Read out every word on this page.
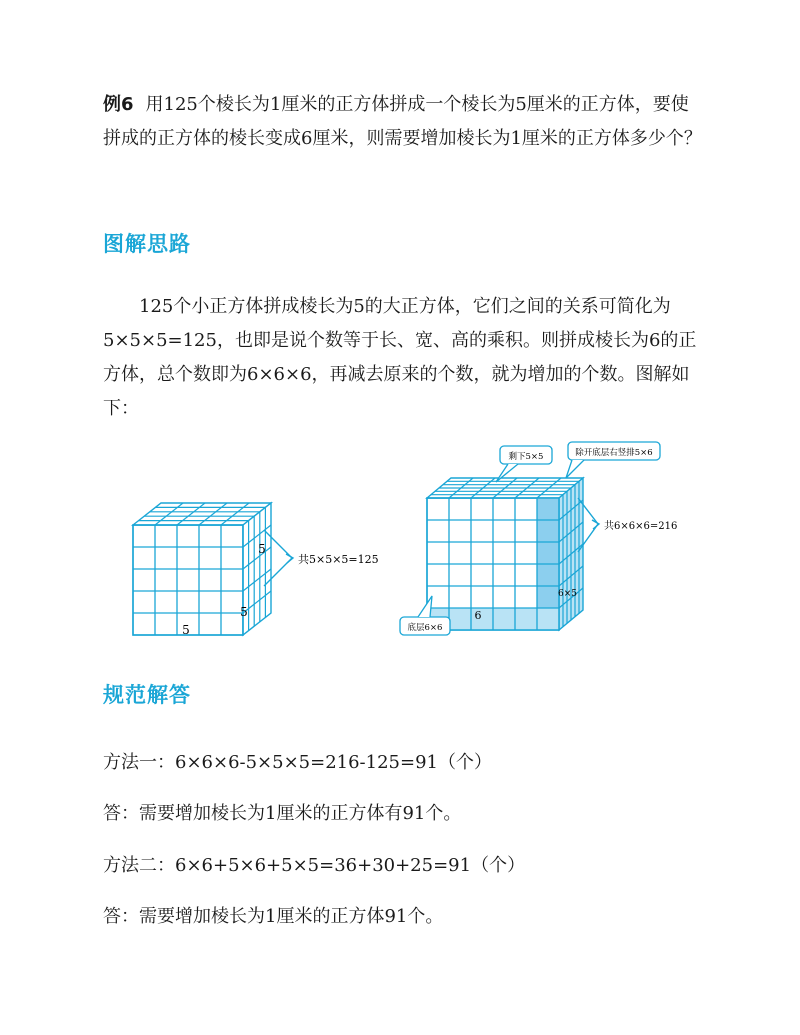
例6 用125个棱长为1厘米的正方体拼成一个棱长为5厘米的正方体，要使拼成的正方体的棱长变成6厘米，则需要增加棱长为1厘米的正方体多少个？

图解思路

125个小正方体拼成棱长为5的大正方体，它们之间的关系可简化为5×5×5=125，也即是说个数等于长、宽、高的乘积。则拼成棱长为6的正方体，总个数即为6×6×6，再减去原来的个数，就为增加的个数。图解如下：

5
5
5
共5×5×5=125
剩下5×5	除开底层右竖排5×6
底层6×6
共6×6×6=216
6×5
6
规范解答

方法一：6×6×6-5×5×5=216-125=91（个）

答：需要增加棱长为1厘米的正方体有91个。

方法二：6×6+5×6+5×5=36+30+25=91（个）

答：需要增加棱长为1厘米的正方体91个。
